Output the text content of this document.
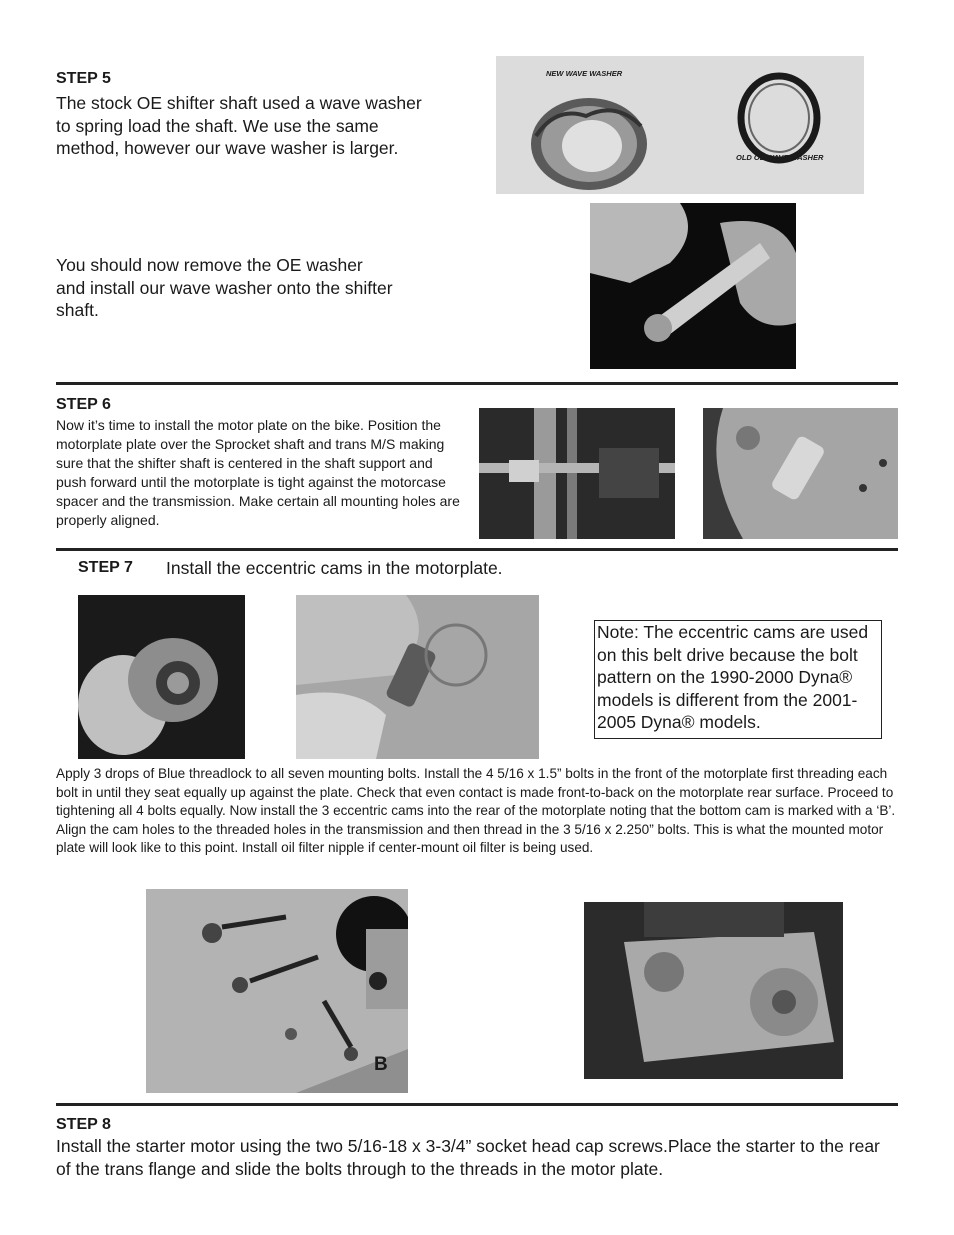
STEP 5
The stock OE shifter shaft used a wave washer to spring load the shaft. We use the same method, however our wave washer is larger.
You should now remove the OE washer and install our wave washer onto the shifter shaft.
NEW WAVE WASHER
OLD OE WAVE WASHER
STEP 6
Now it’s time to install the motor plate on the bike. Position the motorplate plate over the Sprocket shaft and trans M/S making sure that the shifter shaft is centered in the shaft support and push forward until the motorplate is tight against the motorcase spacer and the transmission. Make certain all mounting holes are properly aligned.
STEP 7 Install the eccentric cams in the motorplate.
Note: The eccentric cams are used on this belt drive because the bolt pattern on the 1990-2000 Dyna® models is different from the 2001-2005 Dyna® models.
Apply 3 drops of Blue threadlock to all seven mounting bolts. Install the 4 5/16 x 1.5” bolts in the front of the motorplate first threading each bolt in until they seat equally up against the plate. Check that even contact is made front-to-back on the motorplate rear surface. Proceed to tightening all 4 bolts equally. Now install the 3 eccentric cams into the rear of the motorplate noting that the bottom cam is marked with a ‘B’. Align the cam holes to the threaded holes in the transmission and then thread in the 3 5/16 x 2.250” bolts. This is what the mounted motor plate will look like to this point. Install oil filter nipple if center-mount oil filter is being used.
B
STEP 8
Install the starter motor using the two 5/16-18 x 3-3/4” socket head cap screws.Place the starter to the rear of the trans flange and slide the bolts through to the threads in the motor plate.
